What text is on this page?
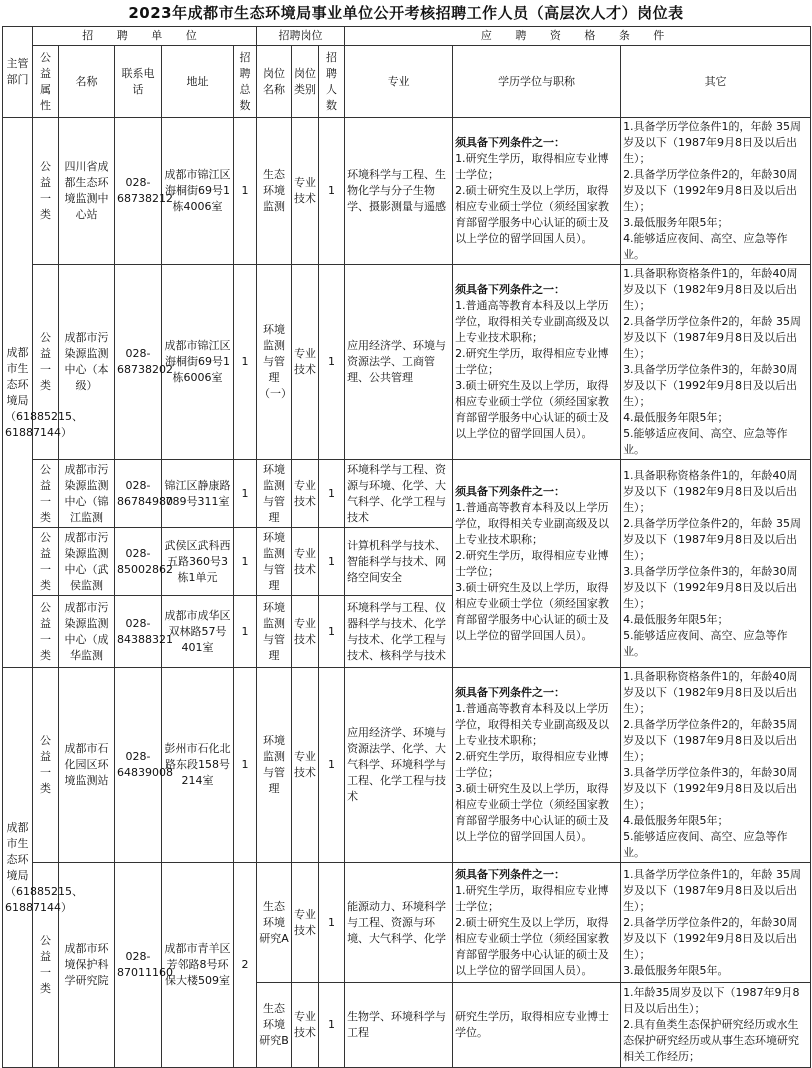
2023年成都市生态环境局事业单位公开考核招聘工作人员（高层次人才）岗位表
主管部门	招 聘 单 位					招聘岗位			应 聘 资 格 条 件		
	公益属性	名称	联系电话	地址	招聘总数	岗位名称	岗位类别	招聘人数	专业	学历学位与职称	其它
成都市生态环境局（61885215、61887144）	公益一类	四川省成都生态环境监测中心站	028-68738212	成都市锦江区海桐街69号1栋4006室	1	生态环境监测	专业技术	1	环境科学与工程、生物化学与分子生物学、摄影测量与遥感	须具备下列条件之一：
1.研究生学历，取得相应专业博士学位；
2.硕士研究生及以上学历，取得相应专业硕士学位（须经国家教育部留学服务中心认证的硕士及以上学位的留学回国人员）。	1.具备学历学位条件1的，年龄 35周岁及以下（1987年9月8日及以后出生）；
2.具备学历学位条件2的，年龄30周岁及以下（1992年9月8日及以后出生）；
3.最低服务年限5年；
4.能够适应夜间、高空、应急等作业。
	公益一类	成都市污染源监测中心（本级）	028-68738202	成都市锦江区海桐街69号1栋6006室	1	环境监测与管理（一）	专业技术	1	应用经济学、环境与资源法学、工商管理、公共管理	须具备下列条件之一：
1.普通高等教育本科及以上学历学位，取得相关专业副高级及以上专业技术职称；
2.研究生学历，取得相应专业博士学位；
3.硕士研究生及以上学历，取得相应专业硕士学位（须经国家教育部留学服务中心认证的硕士及以上学位的留学回国人员）。	1.具备职称资格条件1的，年龄40周岁及以下（1982年9月8日及以后出生）；
2.具备学历学位条件2的，年龄 35周岁及以下（1987年9月8日及以后出生）；
3.具备学历学位条件3的，年龄30周岁及以下（1992年9月8日及以后出生）；
4.最低服务年限5年；
5.能够适应夜间、高空、应急等作业。
	公益一类	成都市污染源监测中心（锦江监测	028-86784980	锦江区静康路789号311室	1	环境监测与管理	专业技术	1	环境科学与工程、资源与环境、化学、大气科学、化学工程与技术	须具备下列条件之一：
1.普通高等教育本科及以上学历学位，取得相关专业副高级及以上专业技术职称；
2.研究生学历，取得相应专业博士学位；
3.硕士研究生及以上学历，取得相应专业硕士学位（须经国家教育部留学服务中心认证的硕士及以上学位的留学回国人员）。	1.具备职称资格条件1的，年龄40周岁及以下（1982年9月8日及以后出生）；
2.具备学历学位条件2的，年龄 35周岁及以下（1987年9月8日及以后出生）；
3.具备学历学位条件3的，年龄30周岁及以下（1992年9月8日及以后出生）；
4.最低服务年限5年；
5.能够适应夜间、高空、应急等作业。
	公益一类	成都市污染源监测中心（武侯监测	028-85002862	武侯区武科西五路360号3栋1单元	1	环境监测与管理	专业技术	1	计算机科学与技术、智能科学与技术、网络空间安全		
	公益一类	成都市污染源监测中心（成华监测	028-84388321	成都市成华区双林路57号401室	1	环境监测与管理	专业技术	1	环境科学与工程、仪器科学与技术、化学与技术、化学工程与技术、核科学与技术		
成都市生态环境局（61885215、61887144）	公益一类	成都市石化园区环境监测站	028-64839008	彭州市石化北路东段158号214室	1	环境监测与管理	专业技术	1	应用经济学、环境与资源法学、化学、大气科学、环境科学与工程、化学工程与技术	须具备下列条件之一：
1.普通高等教育本科及以上学历学位，取得相关专业副高级及以上专业技术职称；
2.研究生学历，取得相应专业博士学位；
3.硕士研究生及以上学历，取得相应专业硕士学位（须经国家教育部留学服务中心认证的硕士及以上学位的留学回国人员）。	1.具备职称资格条件1的，年龄40周岁及以下（1982年9月8日及以后出生）；
2.具备学历学位条件2的，年龄35周岁及以下（1987年9月8日及以后出生）；
3.具备学历学位条件3的，年龄30周岁及以下（1992年9月8日及以后出生）；
4.最低服务年限5年；
5.能够适应夜间、高空、应急等作业。
	公益一类	成都市环境保护科学研究院	028-87011160	成都市青羊区芳邻路8号环保大楼509室	2	生态环境研究A	专业技术	1	能源动力、环境科学与工程、资源与环境、大气科学、化学	须具备下列条件之一：
1.研究生学历，取得相应专业博士学位；
2.硕士研究生及以上学历，取得相应专业硕士学位（须经国家教育部留学服务中心认证的硕士及以上学位的留学回国人员）。	1.具备学历学位条件1的，年龄 35周岁及以下（1987年9月8日及以后出生）；
2.具备学历学位条件2的，年龄30周岁及以下（1992年9月8日及以后出生）；
3.最低服务年限5年。
						生态环境研究B	专业技术	1	生物学、环境科学与工程	研究生学历，取得相应专业博士学位。	1.年龄35周岁及以下（1987年9月8日及以后出生）；
2.具有鱼类生态保护研究经历或水生态保护研究经历或从事生态环境研究相关工作经历；
